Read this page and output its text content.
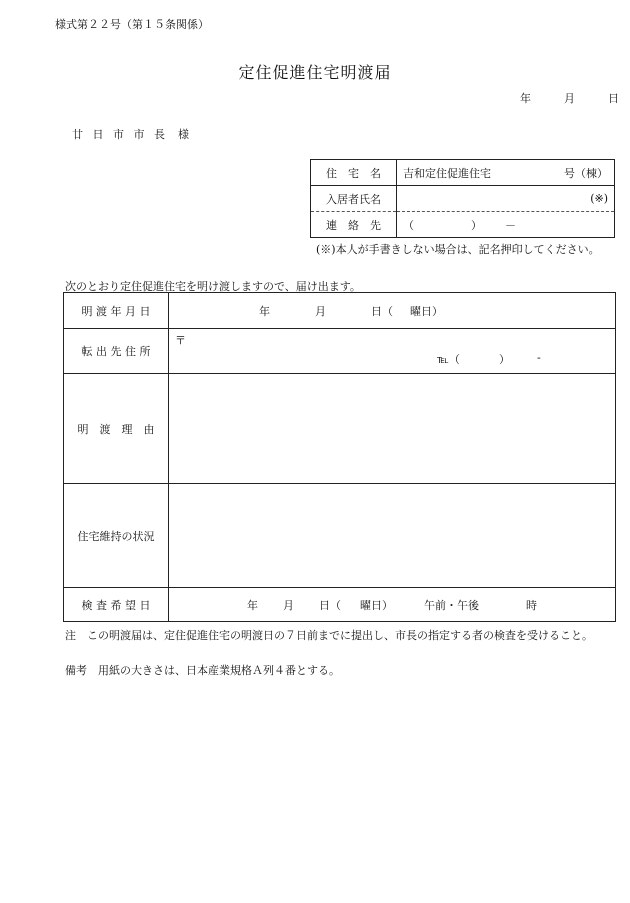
様式第２２号（第１５条関係）
定住促進住宅明渡届
年	月	日
廿 日 市 市 長 様
住　宅　名	吉和定住促進住宅 号（棟）

入居者氏名	(※)

連　絡　先	（ ） －
(※)本人が手書きしない場合は、記名押印してください。
次のとおり定住促進住宅を明け渡しますので、届け出ます。
明 渡 年 月 日	年 月 日（ 曜日）
転 出 先 住 所	〒
℡（ ） -

明　渡　理　由	
住宅維持の状況	
検 査 希 望 日	年 月 日（ 曜日） 午前・午後 時
注　この明渡届は、定住促進住宅の明渡日の７日前までに提出し、市長の指定する者の検査を受けること。
備考　用紙の大きさは、日本産業規格Ａ列４番とする。
